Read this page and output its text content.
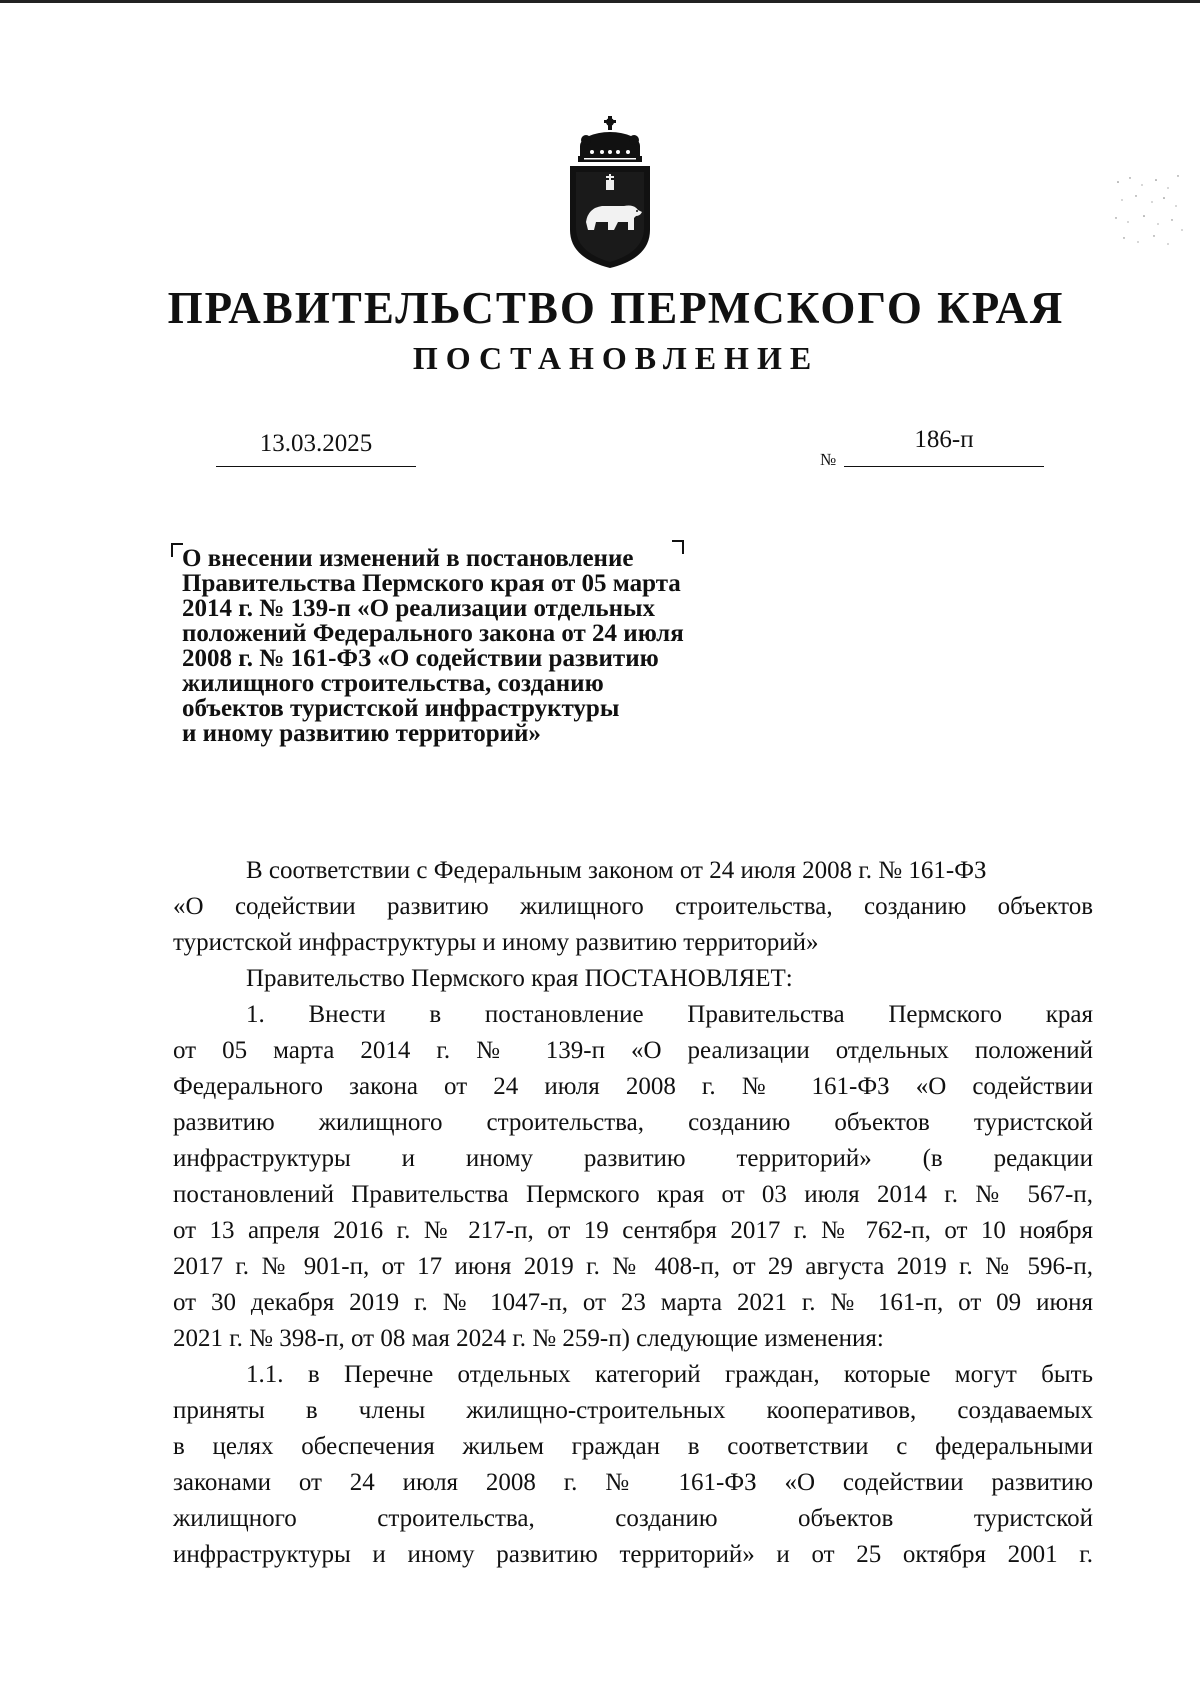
ПРАВИТЕЛЬСТВО ПЕРМСКОГО КРАЯ
ПОСТАНОВЛЕНИЕ
13.03.2025
№
186-п
О внесении изменений в постановление
Правительства Пермского края от 05 марта
2014 г. № 139-п «О реализации отдельных
положений Федерального закона от 24 июля
2008 г. № 161-ФЗ «О содействии развитию
жилищного строительства, созданию
объектов туристской инфраструктуры
и иному развитию территорий»
В соответствии с Федеральным законом от 24 июля 2008 г. № 161-ФЗ
«О содействии развитию жилищного строительства, созданию объектов
туристской инфраструктуры и иному развитию территорий»
Правительство Пермского края ПОСТАНОВЛЯЕТ:
1. Внести в постановление Правительства Пермского края
от 05 марта 2014 г. № 139-п «О реализации отдельных положений
Федерального закона от 24 июля 2008 г. № 161-ФЗ «О содействии
развитию жилищного строительства, созданию объектов туристской
инфраструктуры и иному развитию территорий» (в редакции
постановлений Правительства Пермского края от 03 июля 2014 г. № 567-п,
от 13 апреля 2016 г. № 217-п, от 19 сентября 2017 г. № 762-п, от 10 ноября
2017 г. № 901-п, от 17 июня 2019 г. № 408-п, от 29 августа 2019 г. № 596-п,
от 30 декабря 2019 г. № 1047-п, от 23 марта 2021 г. № 161-п, от 09 июня
2021 г. № 398-п, от 08 мая 2024 г. № 259-п) следующие изменения:
1.1. в Перечне отдельных категорий граждан, которые могут быть
приняты в члены жилищно-строительных кооперативов, создаваемых
в целях обеспечения жильем граждан в соответствии с федеральными
законами от 24 июля 2008 г. № 161-ФЗ «О содействии развитию
жилищного строительства, созданию объектов туристской
инфраструктуры и иному развитию территорий» и от 25 октября 2001 г.
